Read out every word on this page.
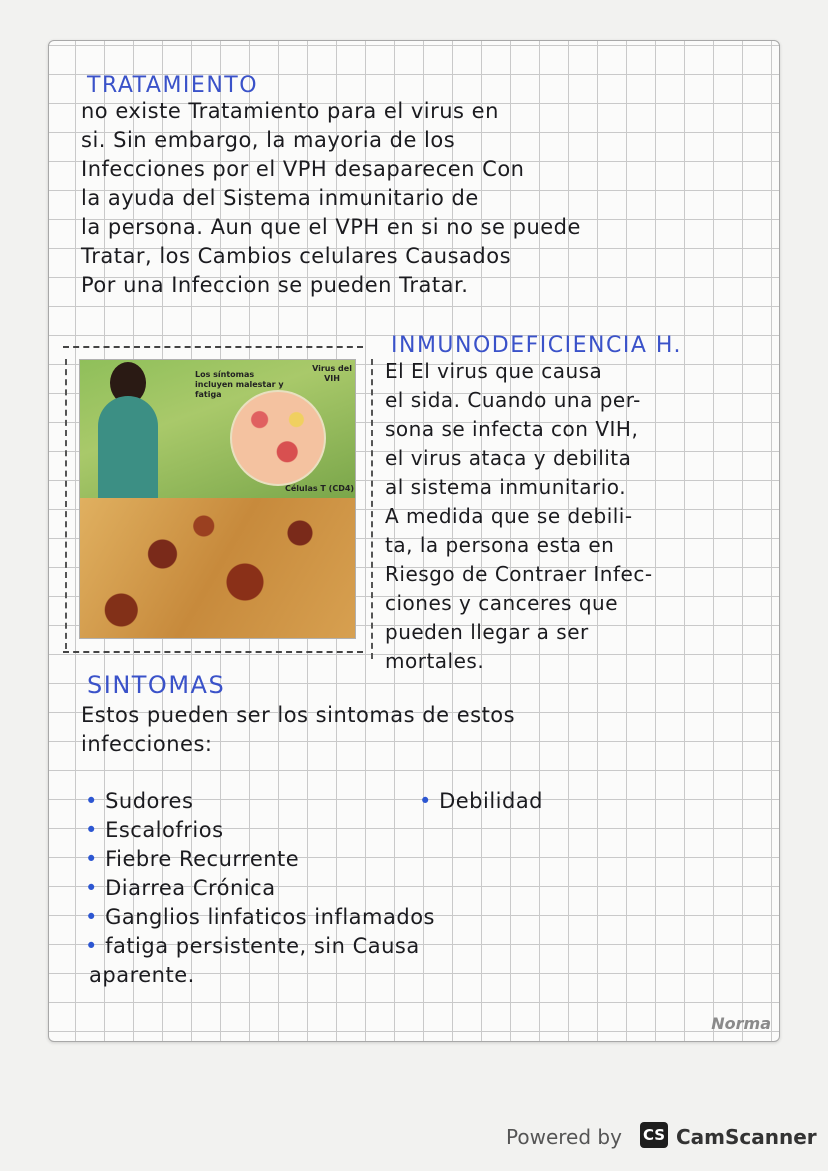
TRATAMIENTO
no existe Tratamiento para el virus en
si. Sin embargo, la mayoria de los
Infecciones por el VPH desaparecen Con
la ayuda del Sistema inmunitario de
la persona. Aun que el VPH en si no se puede
Tratar, los Cambios celulares Causados
Por una Infeccion se pueden Tratar.
Los síntomas incluyen malestar y fatiga
Virus del VIH
Células T (CD4)
INMUNODEFICIENCIA H.
El El virus que causa
el sida. Cuando una per-
sona se infecta con VIH,
el virus ataca y debilita
al sistema inmunitario.
A medida que se debili-
ta, la persona esta en
Riesgo de Contraer Infec-
ciones y canceres que
pueden llegar a ser
mortales.
SINTOMAS
Estos pueden ser los sintomas de estos
infecciones:
• Sudores	• Debilidad
• Escalofrios
• Fiebre Recurrente
• Diarrea Crónica
• Ganglios linfaticos inflamados
• fatiga persistente, sin Causa
aparente.
Norma
Powered by CS CamScanner
